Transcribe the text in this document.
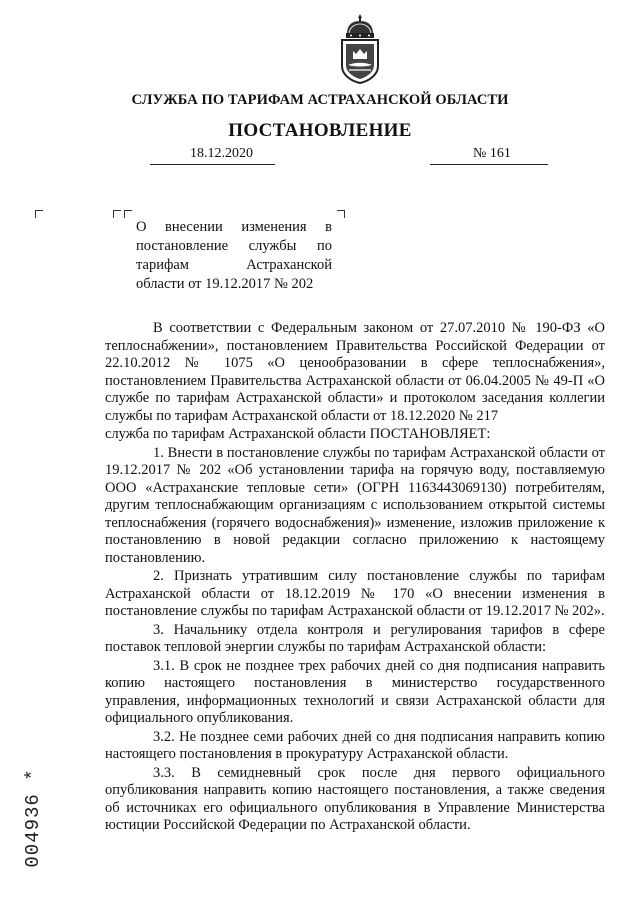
СЛУЖБА ПО ТАРИФАМ АСТРАХАНСКОЙ ОБЛАСТИ
ПОСТАНОВЛЕНИЕ
18.12.2020	№ 161
О внесении изменения в
постановление службы по
тарифам Астраханской
области от 19.12.2017 № 202

В соответствии с Федеральным законом от 27.07.2010 № 190-ФЗ «О теплоснабжении», постановлением Правительства Российской Федерации от 22.10.2012 № 1075 «О ценообразовании в сфере теплоснабжения», постановлением Правительства Астраханской области от 06.04.2005 № 49-П «О службе по тарифам Астраханской области» и протоколом заседания коллегии службы по тарифам Астраханской области от 18.12.2020 № 217

служба по тарифам Астраханской области ПОСТАНОВЛЯЕТ:

1. Внести в постановление службы по тарифам Астраханской области от 19.12.2017 № 202 «Об установлении тарифа на горячую воду, поставляемую ООО «Астраханские тепловые сети» (ОГРН 1163443069130) потребителям, другим теплоснабжающим организациям с использованием открытой системы теплоснабжения (горячего водоснабжения)» изменение, изложив приложение к постановлению в новой редакции согласно приложению к настоящему постановлению.

2. Признать утратившим силу постановление службы по тарифам Астраханской области от 18.12.2019 № 170 «О внесении изменения в постановление службы по тарифам Астраханской области от 19.12.2017 № 202».

3. Начальнику отдела контроля и регулирования тарифов в сфере поставок тепловой энергии службы по тарифам Астраханской области:

3.1. В срок не позднее трех рабочих дней со дня подписания направить копию настоящего постановления в министерство государственного управления, информационных технологий и связи Астраханской области для официального опубликования.

3.2. Не позднее семи рабочих дней со дня подписания направить копию настоящего постановления в прокуратуру Астраханской области.

3.3. В семидневный срок после дня первого официального опубликования направить копию настоящего постановления, а также сведения об источниках его официального опубликования в Управление Министерства юстиции Российской Федерации по Астраханской области.

004936 *
